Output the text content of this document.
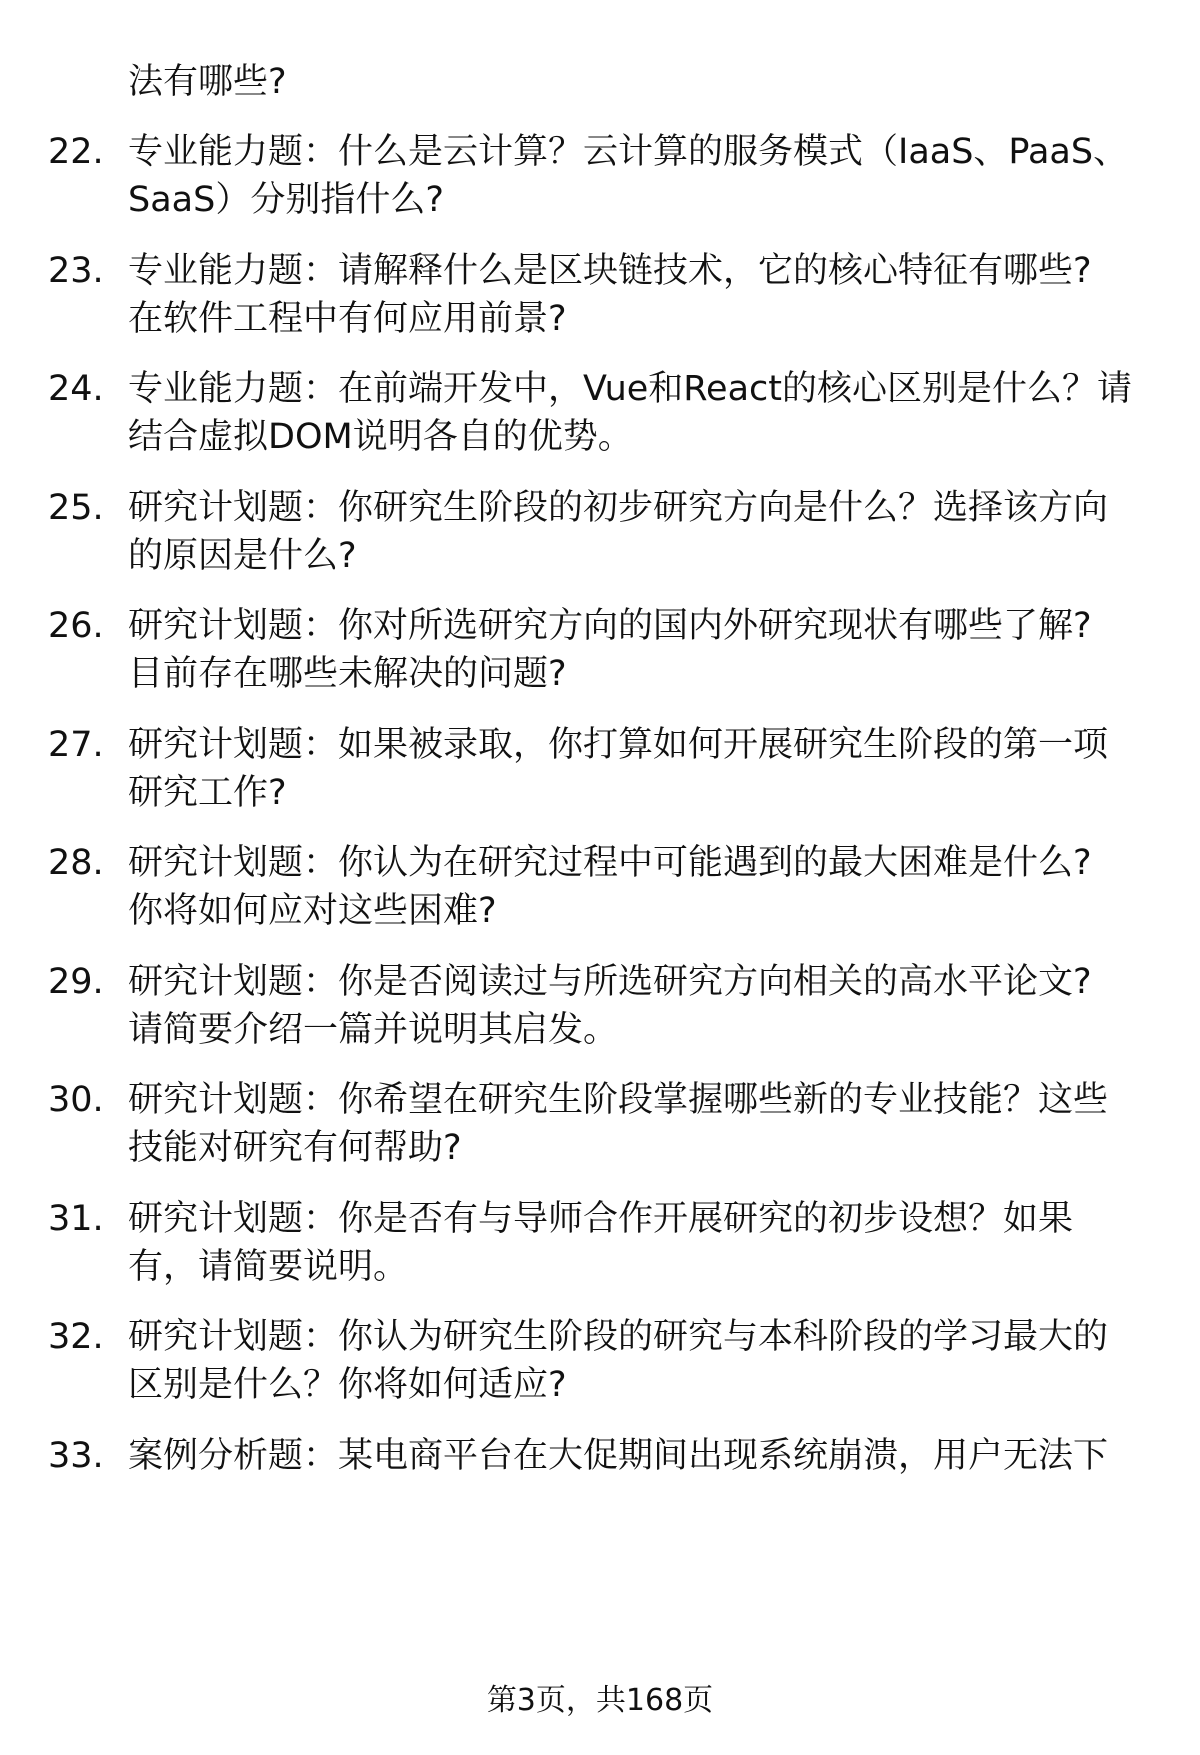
法有哪些?
22. 专业能力题：什么是云计算？云计算的服务模式（IaaS、PaaS、
SaaS）分别指什么?
23. 专业能力题：请解释什么是区块链技术，它的核心特征有哪些?
在软件工程中有何应用前景?
24. 专业能力题：在前端开发中，Vue和React的核心区别是什么？请
结合虚拟DOM说明各自的优势。
25. 研究计划题：你研究生阶段的初步研究方向是什么？选择该方向
的原因是什么?
26. 研究计划题：你对所选研究方向的国内外研究现状有哪些了解?
目前存在哪些未解决的问题?
27. 研究计划题：如果被录取，你打算如何开展研究生阶段的第一项
研究工作?
28. 研究计划题：你认为在研究过程中可能遇到的最大困难是什么?
你将如何应对这些困难?
29. 研究计划题：你是否阅读过与所选研究方向相关的高水平论文?
请简要介绍一篇并说明其启发。
30. 研究计划题：你希望在研究生阶段掌握哪些新的专业技能？这些
技能对研究有何帮助?
31. 研究计划题：你是否有与导师合作开展研究的初步设想？如果
有，请简要说明。
32. 研究计划题：你认为研究生阶段的研究与本科阶段的学习最大的
区别是什么？你将如何适应?
33. 案例分析题：某电商平台在大促期间出现系统崩溃，用户无法下
第3页，共168页
